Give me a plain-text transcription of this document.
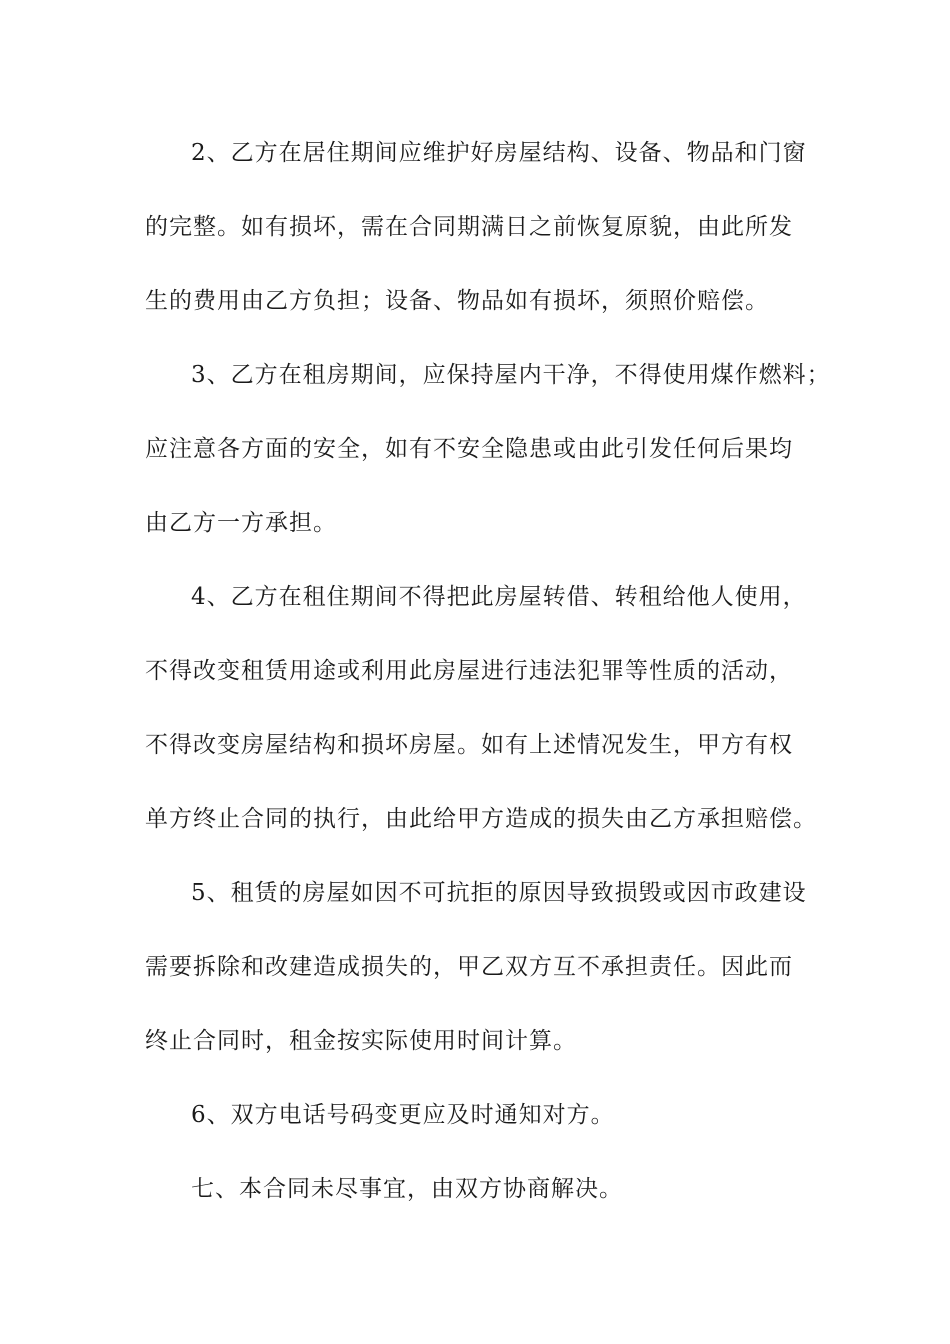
2、乙方在居住期间应维护好房屋结构、设备、物品和门窗
的完整。如有损坏，需在合同期满日之前恢复原貌，由此所发
生的费用由乙方负担；设备、物品如有损坏，须照价赔偿。
3、乙方在租房期间，应保持屋内干净，不得使用煤作燃料；
应注意各方面的安全，如有不安全隐患或由此引发任何后果均
由乙方一方承担。
4、乙方在租住期间不得把此房屋转借、转租给他人使用，
不得改变租赁用途或利用此房屋进行违法犯罪等性质的活动，
不得改变房屋结构和损坏房屋。如有上述情况发生，甲方有权
单方终止合同的执行，由此给甲方造成的损失由乙方承担赔偿。
5、租赁的房屋如因不可抗拒的原因导致损毁或因市政建设
需要拆除和改建造成损失的，甲乙双方互不承担责任。因此而
终止合同时，租金按实际使用时间计算。
6、双方电话号码变更应及时通知对方。
七、本合同未尽事宜，由双方协商解决。
